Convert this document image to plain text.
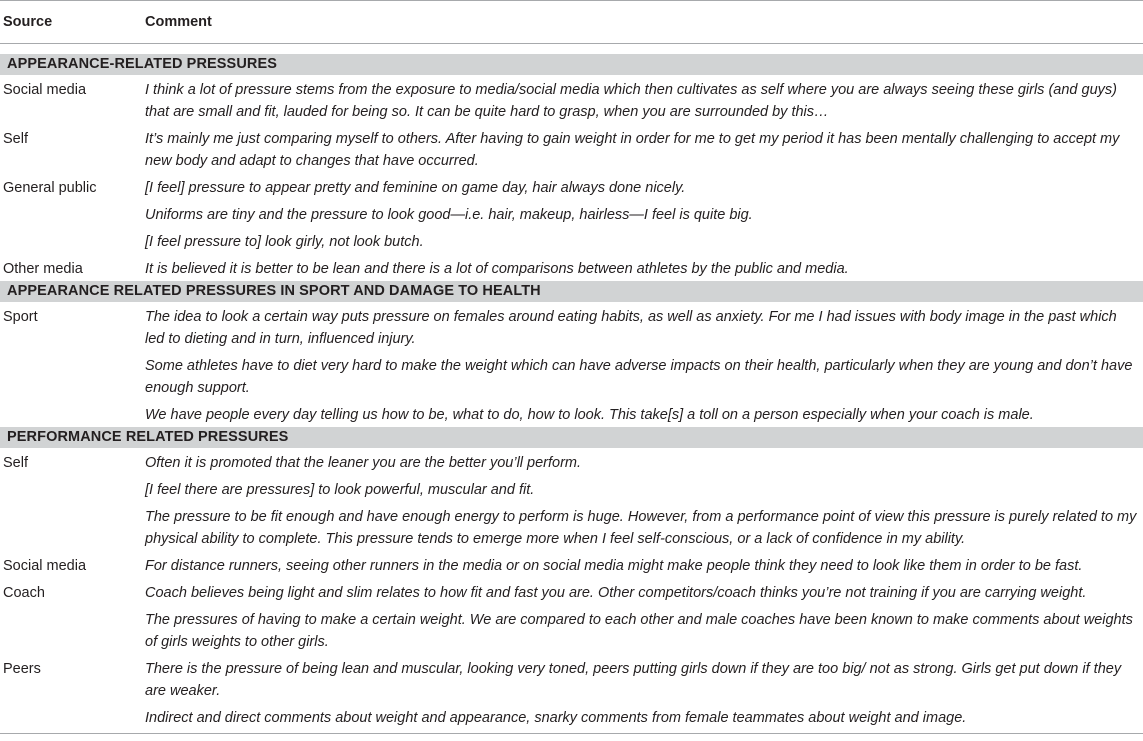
Source	Comment
APPEARANCE-RELATED PRESSURES
Social media	I think a lot of pressure stems from the exposure to media/social media which then cultivates as self where you are always seeing these girls (and guys) that are small and fit, lauded for being so. It can be quite hard to grasp, when you are surrounded by this…
Self	It’s mainly me just comparing myself to others. After having to gain weight in order for me to get my period it has been mentally challenging to accept my new body and adapt to changes that have occurred.
General public	[I feel] pressure to appear pretty and feminine on game day, hair always done nicely.
Uniforms are tiny and the pressure to look good—i.e. hair, makeup, hairless—I feel is quite big.
[I feel pressure to] look girly, not look butch.
Other media	It is believed it is better to be lean and there is a lot of comparisons between athletes by the public and media.
APPEARANCE RELATED PRESSURES IN SPORT AND DAMAGE TO HEALTH
Sport	The idea to look a certain way puts pressure on females around eating habits, as well as anxiety. For me I had issues with body image in the past which led to dieting and in turn, influenced injury.
Some athletes have to diet very hard to make the weight which can have adverse impacts on their health, particularly when they are young and don’t have enough support.
We have people every day telling us how to be, what to do, how to look. This take[s] a toll on a person especially when your coach is male.
PERFORMANCE RELATED PRESSURES
Self	Often it is promoted that the leaner you are the better you’ll perform.
[I feel there are pressures] to look powerful, muscular and fit.
The pressure to be fit enough and have enough energy to perform is huge. However, from a performance point of view this pressure is purely related to my physical ability to complete. This pressure tends to emerge more when I feel self-conscious, or a lack of confidence in my ability.
Social media	For distance runners, seeing other runners in the media or on social media might make people think they need to look like them in order to be fast.
Coach	Coach believes being light and slim relates to how fit and fast you are. Other competitors/coach thinks you’re not training if you are carrying weight.
The pressures of having to make a certain weight. We are compared to each other and male coaches have been known to make comments about weights of girls weights to other girls.
Peers	There is the pressure of being lean and muscular, looking very toned, peers putting girls down if they are too big/ not as strong. Girls get put down if they are weaker.
Indirect and direct comments about weight and appearance, snarky comments from female teammates about weight and image.
